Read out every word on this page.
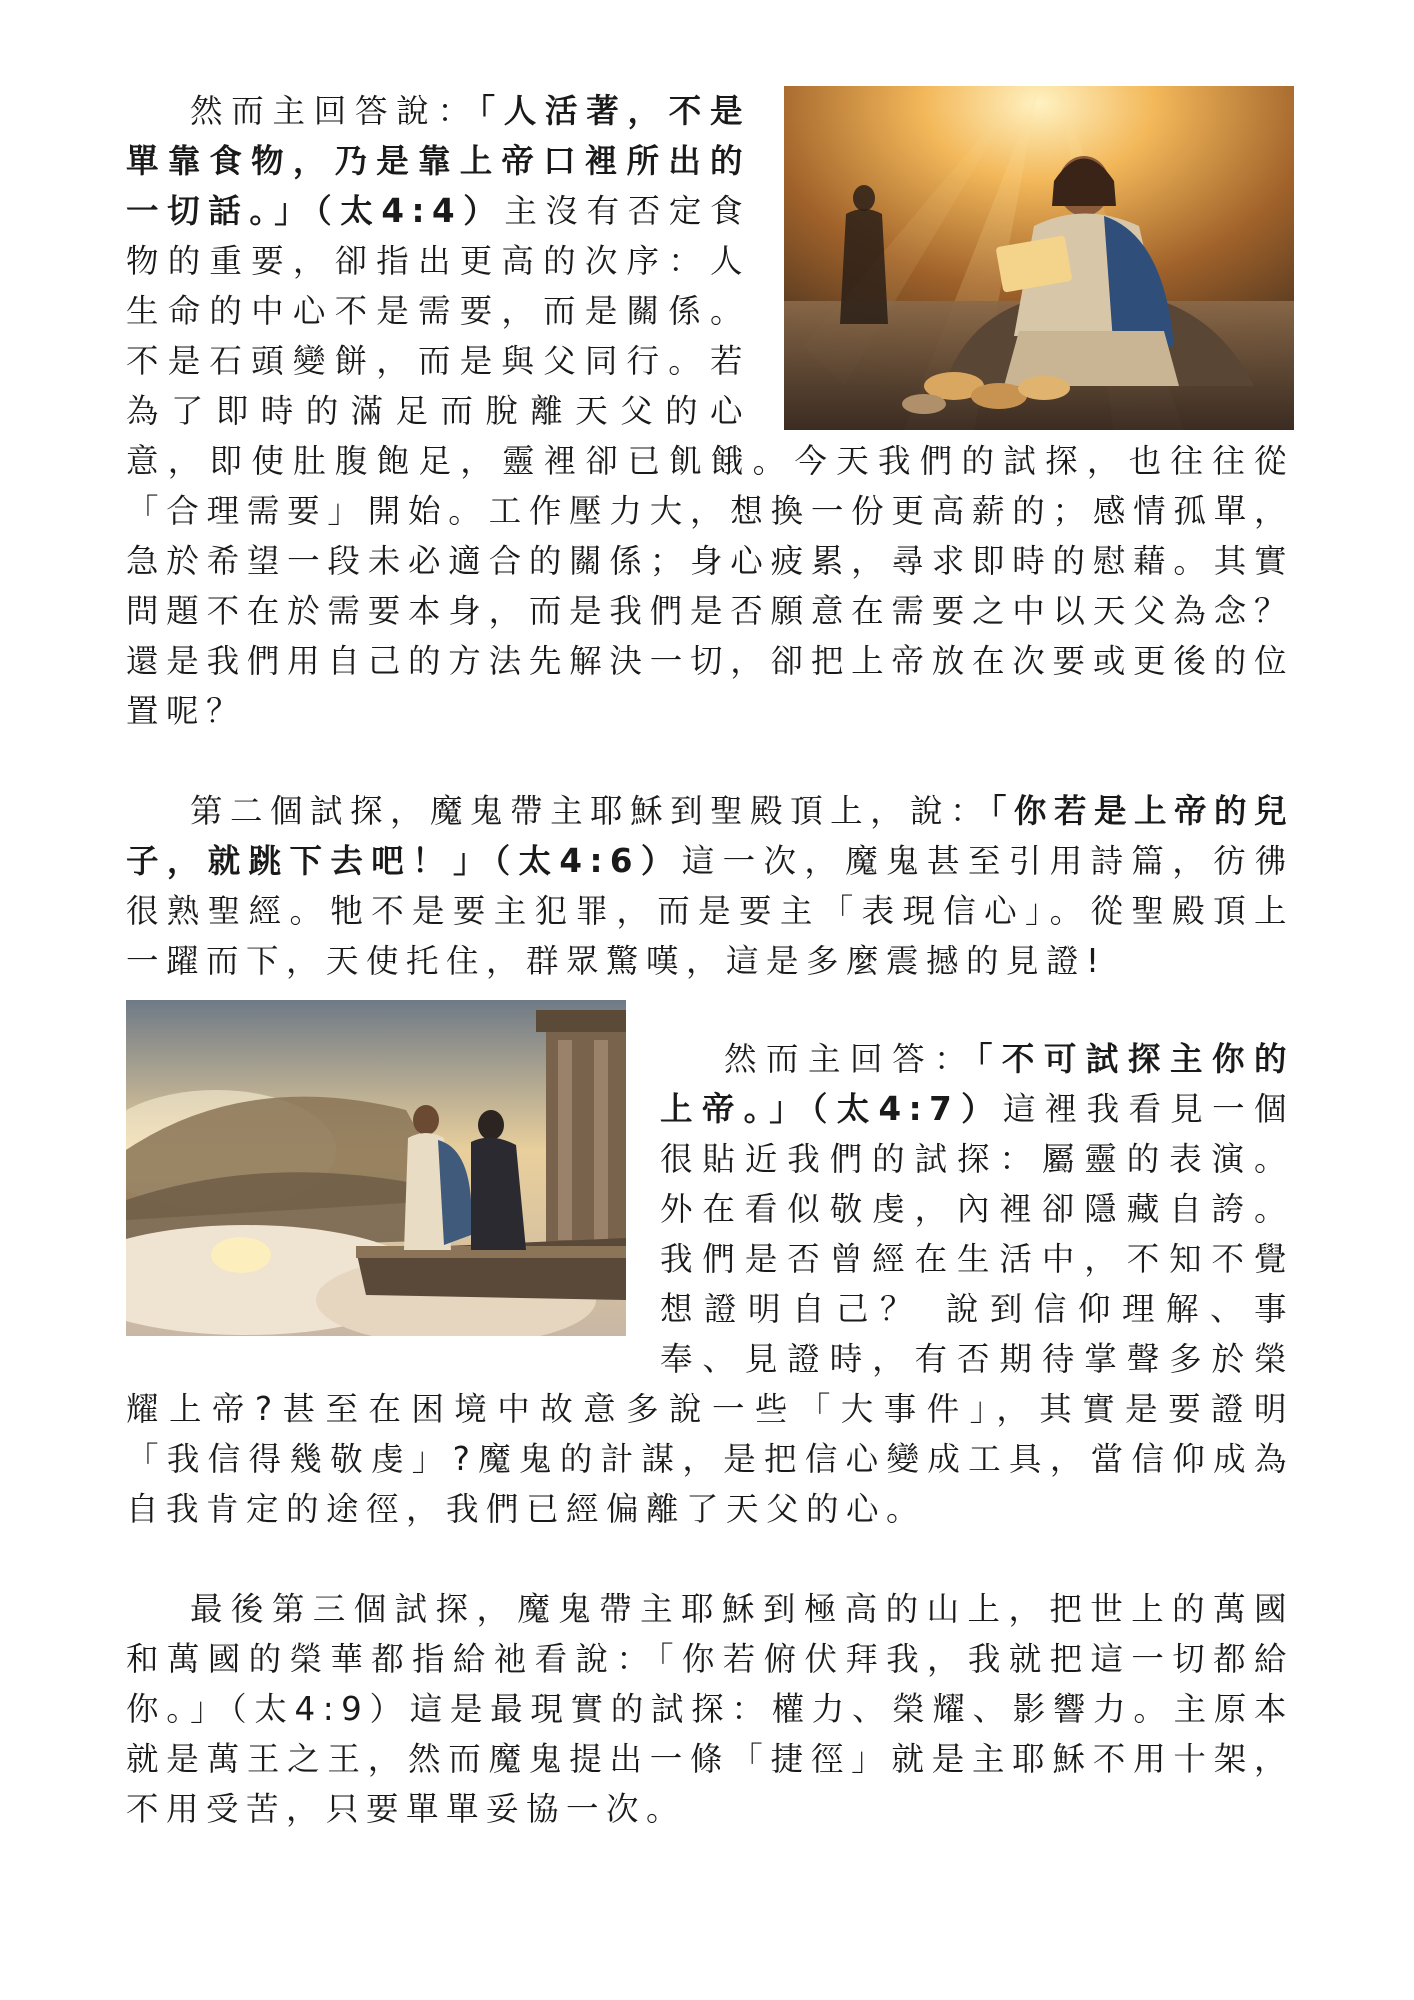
然而主回答說：「人活著，不是單靠食物，乃是靠上帝口裡所出的一切話。」（太4:4）主沒有否定食物的重要，卻指出更高的次序：人生命的中心不是需要，而是關係。不是石頭變餅，而是與父同行。若為了即時的滿足而脫離天父的心意，即使肚腹飽足，靈裡卻已飢餓。今天我們的試探，也往往從「合理需要」開始。工作壓力大，想換一份更高薪的；感情孤單，急於希望一段未必適合的關係；身心疲累，尋求即時的慰藉。其實問題不在於需要本身，而是我們是否願意在需要之中以天父為念？ 還是我們用自己的方法先解決一切，卻把上帝放在次要或更後的位置呢？

第二個試探，魔鬼帶主耶穌到聖殿頂上，說：「你若是上帝的兒子，就跳下去吧！」（太4:6）這一次，魔鬼甚至引用詩篇，彷彿很熟聖經。牠不是要主犯罪，而是要主「表現信心」。從聖殿頂上一躍而下，天使托住，群眾驚嘆，這是多麼震撼的見證!

然而主回答：「不可試探主你的上帝。」（太4:7）這裡我看見一個很貼近我們的試探：屬靈的表演。外在看似敬虔，內裡卻隱藏自誇。我們是否曾經在生活中，不知不覺想證明自己？ 說到信仰理解、事奉、見證時，有否期待掌聲多於榮耀上帝?甚至在困境中故意多說一些「大事件」，其實是要證明「我信得幾敬虔」?魔鬼的計謀，是把信心變成工具，當信仰成為自我肯定的途徑，我們已經偏離了天父的心。

最後第三個試探，魔鬼帶主耶穌到極高的山上，把世上的萬國和萬國的榮華都指給祂看說：「你若俯伏拜我，我就把這一切都給你。」（太4:9）這是最現實的試探：權力、榮耀、影響力。主原本就是萬王之王，然而魔鬼提出一條「捷徑」就是主耶穌不用十架，不用受苦，只要單單妥協一次。
